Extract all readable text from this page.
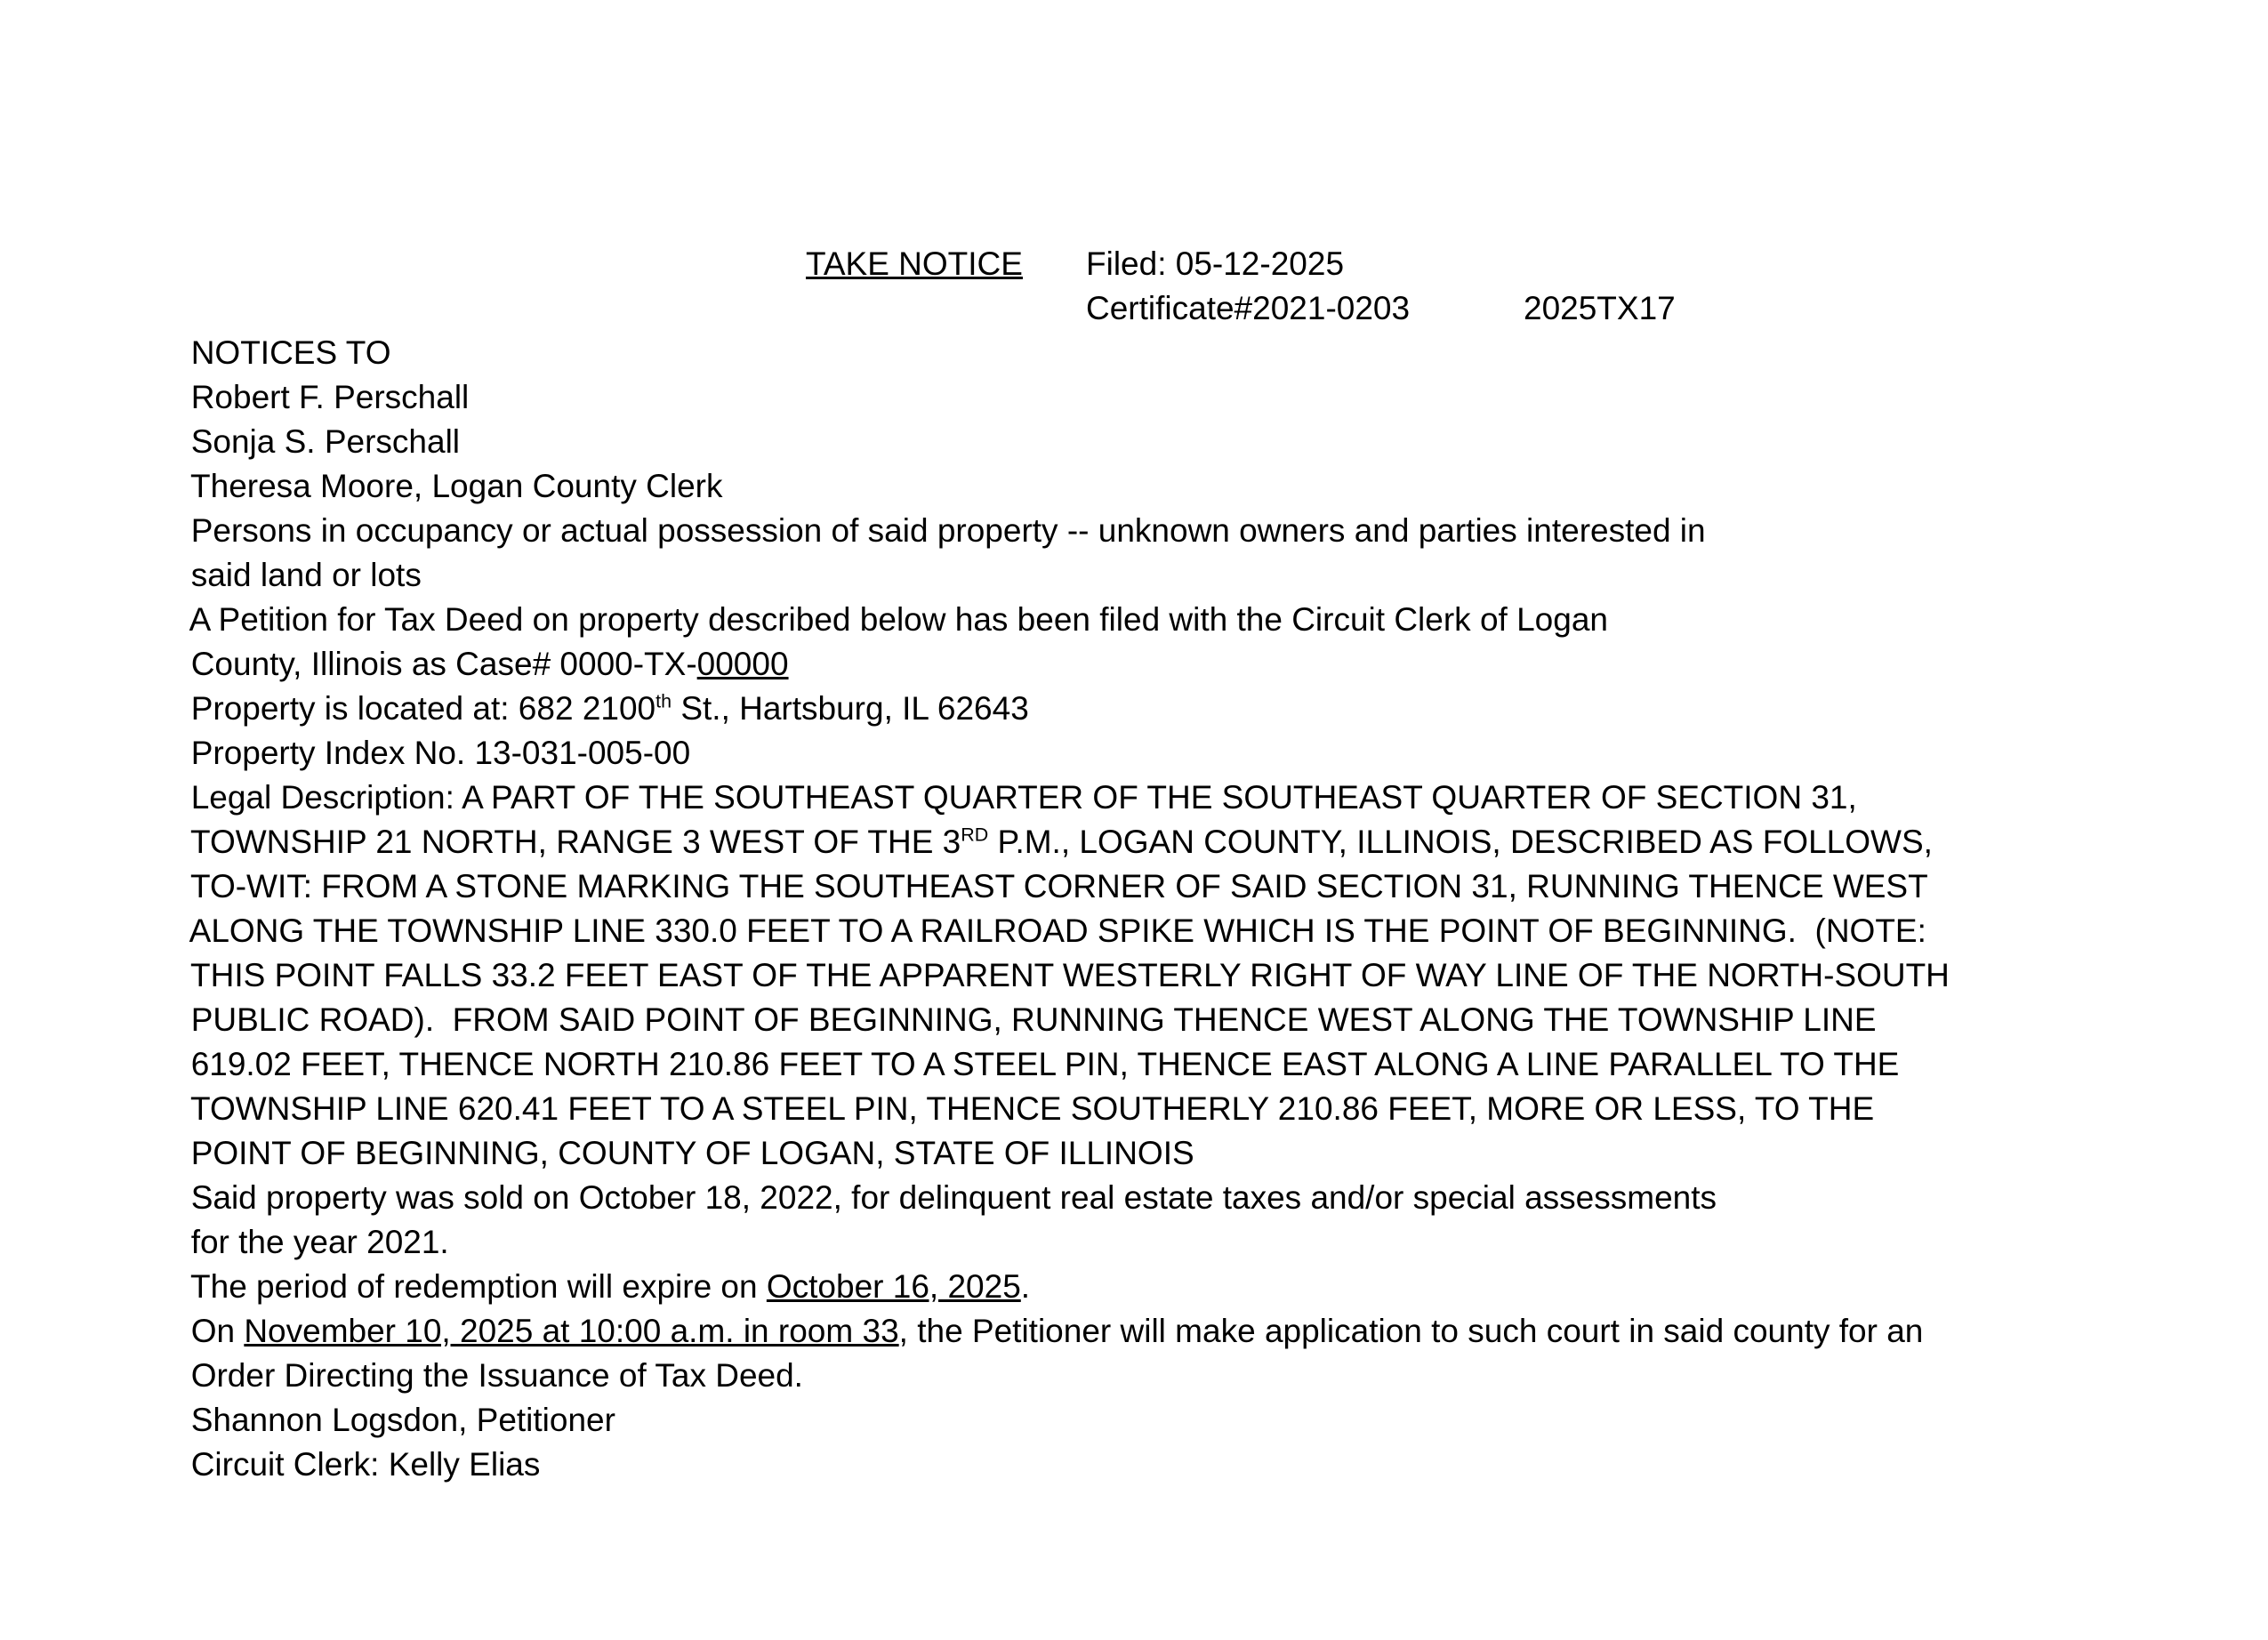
TAKE NOTICE

Filed: 05-12-2025

NOTICES TO

Certificate#2021-0203

	2025TX17

Robert F. Perschall

Sonja S. Perschall

Theresa Moore, Logan County Clerk

Persons in occupancy or actual possession of said property -- unknown owners and parties interested in

said land or lots

A Petition for Tax Deed on property described below has been filed with the Circuit Clerk of Logan

County, Illinois as Case# 0000-TX-00000

Property is located at: 682 2100th St., Hartsburg, IL 62643

Property Index No. 13-031-005-00

Legal Description: A PART OF THE SOUTHEAST QUARTER OF THE SOUTHEAST QUARTER OF SECTION 31,

TOWNSHIP 21 NORTH, RANGE 3 WEST OF THE 3RD P.M., LOGAN COUNTY, ILLINOIS, DESCRIBED AS FOLLOWS,

TO-WIT: FROM A STONE MARKING THE SOUTHEAST CORNER OF SAID SECTION 31, RUNNING THENCE WEST

ALONG THE TOWNSHIP LINE 330.0 FEET TO A RAILROAD SPIKE WHICH IS THE POINT OF BEGINNING.  (NOTE:

THIS POINT FALLS 33.2 FEET EAST OF THE APPARENT WESTERLY RIGHT OF WAY LINE OF THE NORTH-SOUTH

PUBLIC ROAD).  FROM SAID POINT OF BEGINNING, RUNNING THENCE WEST ALONG THE TOWNSHIP LINE

619.02 FEET, THENCE NORTH 210.86 FEET TO A STEEL PIN, THENCE EAST ALONG A LINE PARALLEL TO THE

TOWNSHIP LINE 620.41 FEET TO A STEEL PIN, THENCE SOUTHERLY 210.86 FEET, MORE OR LESS, TO THE

POINT OF BEGINNING, COUNTY OF LOGAN, STATE OF ILLINOIS

Said property was sold on October 18, 2022, for delinquent real estate taxes and/or special assessments

for the year 2021.

The period of redemption will expire on October 16, 2025.

On November 10, 2025 at 10:00 a.m. in room 33, the Petitioner will make application to such court in said county for an

Order Directing the Issuance of Tax Deed.

Shannon Logsdon, Petitioner

Circuit Clerk: Kelly Elias
